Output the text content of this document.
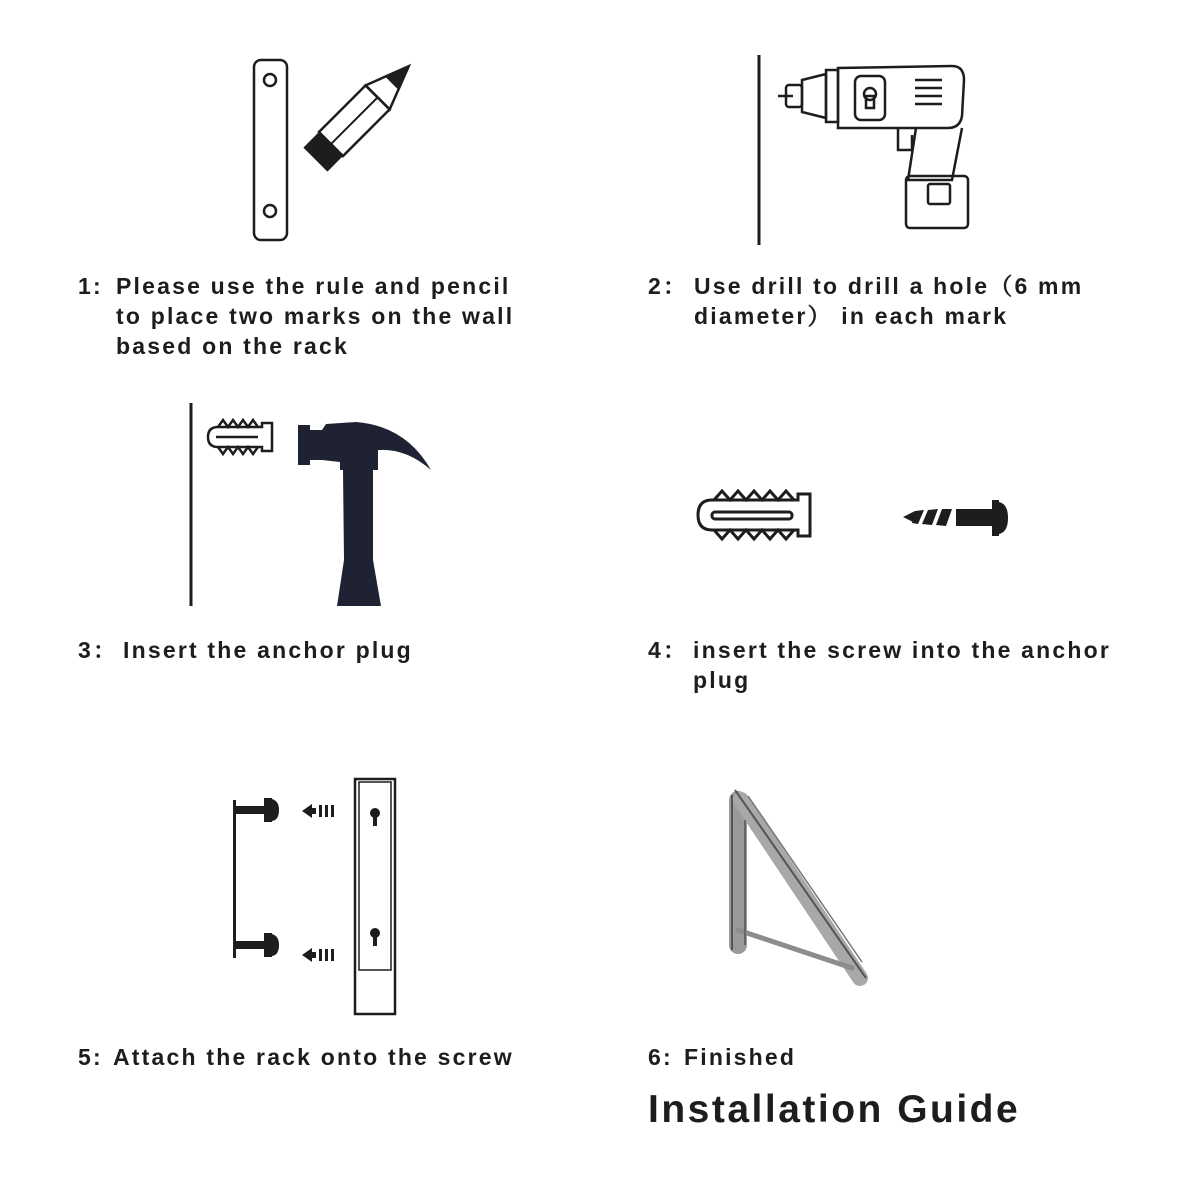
1: Please use the rule and pencil
to place two marks on the wall
based on the rack
2： Use drill to drill a hole（6 mm
diameter） in each mark
3： Insert the anchor plug	4： insert the screw into the anchor
plug
5: Attach the rack onto the screw	6: Finished
Installation Guide
